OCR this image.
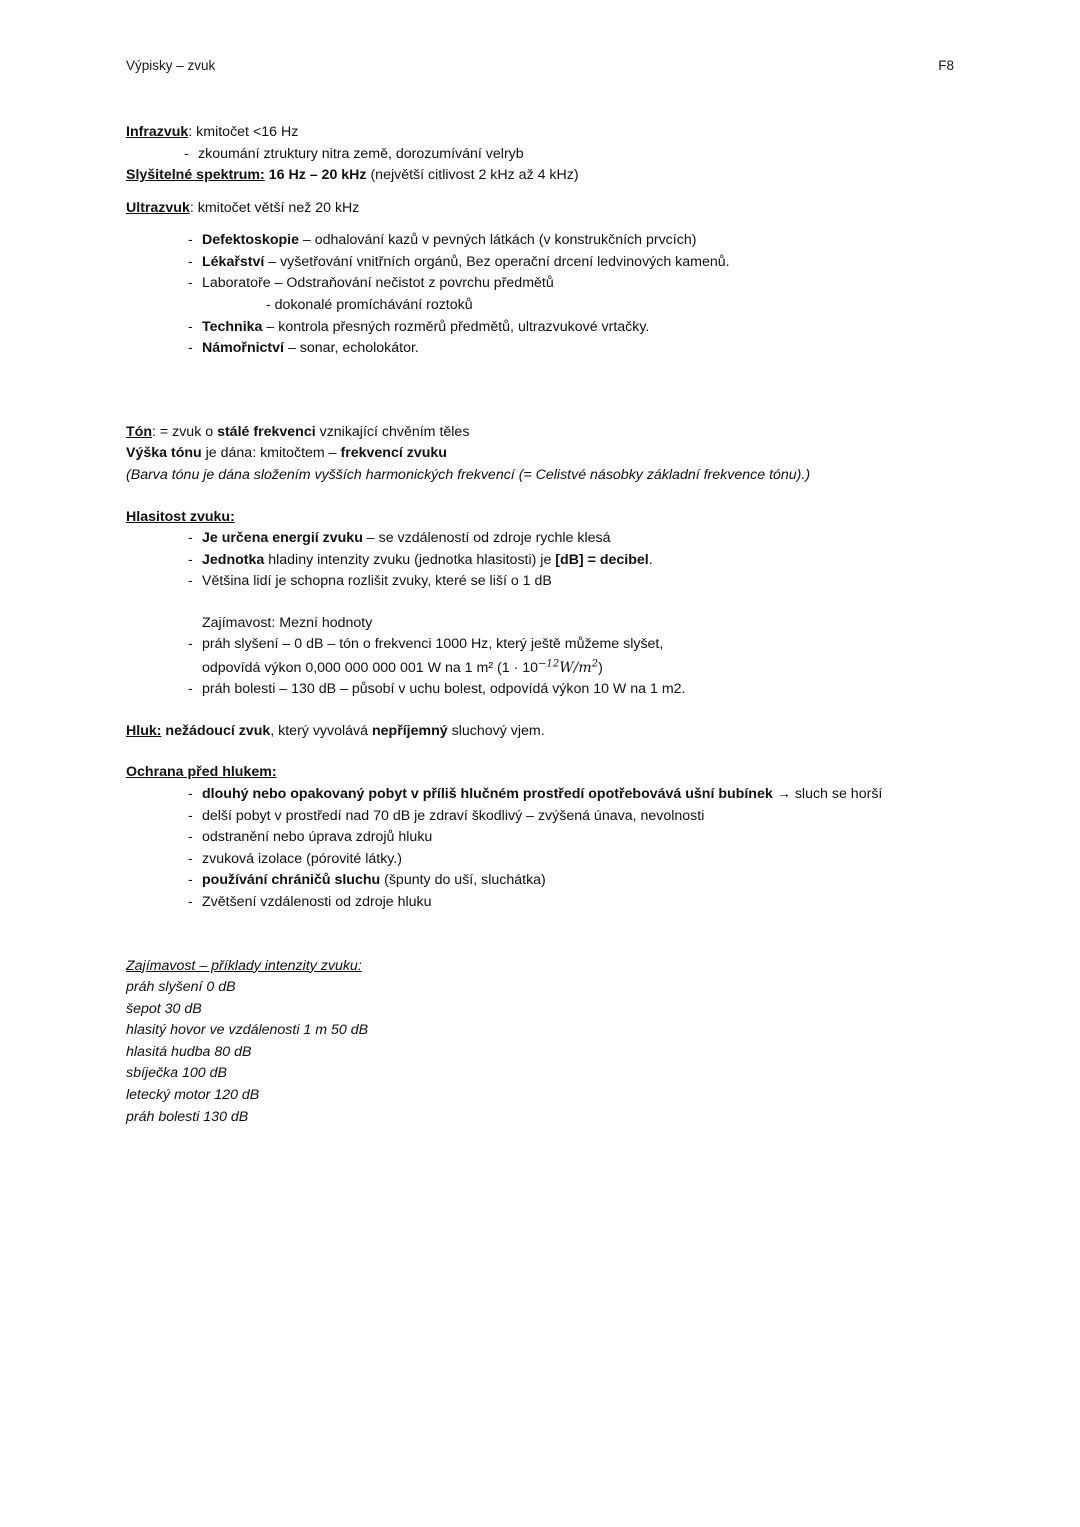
Výpisky – zvuk	F8
Infrazvuk: kmitočet <16 Hz
- zkoumání ztruktury nitra země, dorozumívání velryb
Slyšitelné spektrum: 16 Hz – 20 kHz (největší citlivost 2 kHz až 4 kHz)
Ultrazvuk: kmitočet větší než 20 kHz
- Defektoskopie – odhalování kazů v pevných látkách (v konstrukčních prvcích)
- Lékařství – vyšetřování vnitřních orgánů, Bez operační drcení ledvinových kamenů.
- Laboratoře – Odstraňování nečistot z povrchu předmětů
- dokonalé promíchávání roztoků
- Technika – kontrola přesných rozměrů předmětů, ultrazvukové vrtačky.
- Námořnictví – sonar, echolokátor.
Tón: = zvuk o stálé frekvenci vznikající chvěním těles
Výška tónu je dána: kmitočtem – frekvencí zvuku
(Barva tónu je dána složením vyšších harmonických frekvencí (= Celistvé násobky základní frekvence tónu).)
Hlasitost zvuku:
- Je určena energií zvuku – se vzdáleností od zdroje rychle klesá
- Jednotka hladiny intenzity zvuku (jednotka hlasitosti) je [dB] = decibel.
- Většina lidí je schopna rozlišit zvuky, které se liší o 1 dB
Zajímavost: Mezní hodnoty
- práh slyšení – 0 dB – tón o frekvenci 1000 Hz, který ještě můžeme slyšet,
odpovídá výkon 0,000 000 000 001 W na 1 m² $(1 \cdot 10^{-12}W/m^2)$
- práh bolesti – 130 dB – působí v uchu bolest, odpovídá výkon 10 W na 1 m2.
Hluk: nežádoucí zvuk, který vyvolává nepříjemný sluchový vjem.
Ochrana před hlukem:
- dlouhý nebo opakovaný pobyt v příliš hlučném prostředí opotřebovává ušní bubínek → sluch se horší
- delší pobyt v prostředí nad 70 dB je zdraví škodlivý – zvýšená únava, nevolnosti
- odstranění nebo úprava zdrojů hluku
- zvuková izolace (pórovité látky.)
- používání chráničů sluchu (špunty do uší, sluchátka)
- Zvětšení vzdálenosti od zdroje hluku
Zajímavost – příklady intenzity zvuku:
práh slyšení 0 dB
šepot 30 dB
hlasitý hovor ve vzdálenosti 1 m 50 dB
hlasitá hudba 80 dB
sbíječka 100 dB
letecký motor 120 dB
práh bolesti 130 dB
